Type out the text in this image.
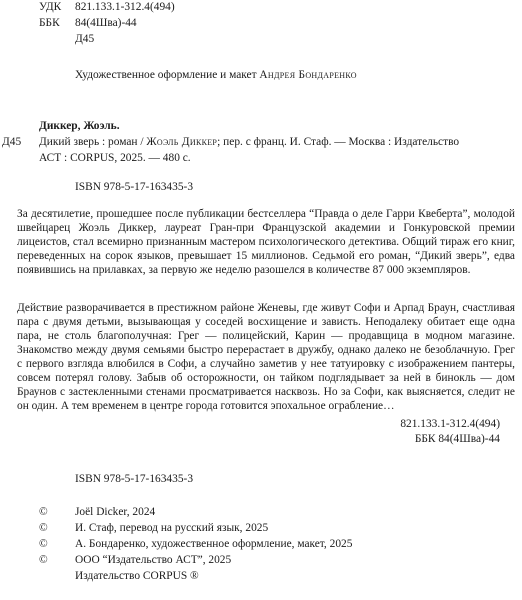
УДК 821.133.1-312.4(494)
ББК 84(4Шва)-44
Д45
Художественное оформление и макет Андрея Бондаренко
Диккер, Жоэль.
Д45 Дикий зверь : роман / Жоэль Диккер; пер. с франц. И. Стаф. — Москва : Издательство
АСТ : CORPUS, 2025. — 480 с.
ISBN 978-5-17-163435-3
За десятилетие, прошедшее после публикации бестселлера “Правда о деле Гарри Квеберта”, молодой швейцарец Жоэль Диккер, лауреат Гран-при Французской академии и Гонкуровской премии лицеистов, стал всемирно признанным мастером психологического детектива. Общий тираж его книг, переведенных на сорок языков, превышает 15 миллионов. Седьмой его роман, “Дикий зверь”, едва появившись на прилавках, за первую же неделю разошелся в количестве 87 000 экземпляров.
Действие разворачивается в престижном районе Женевы, где живут Софи и Арпад Браун, счастливая пара с двумя детьми, вызывающая у соседей восхищение и зависть. Неподалеку обитает еще одна пара, не столь благополучная: Грег — полицейский, Карин — продавщица в модном магазине. Знакомство между двумя семьями быстро перерастает в дружбу, однако далеко не безоблачную. Грег с первого взгляда влюбился в Софи, а случайно заметив у нее татуировку с изображением пантеры, совсем потерял голову. Забыв об осторожности, он тайком подглядывает за ней в бинокль — дом Браунов с застекленными стенами просматривается насквозь. Но за Софи, как выясняется, следит не он один. А тем временем в центре города готовится эпохальное ограбление…
821.133.1-312.4(494)
ББК 84(4Шва)-44
ISBN 978-5-17-163435-3
© Joël Dicker, 2024
© И. Стаф, перевод на русский язык, 2025
© А. Бондаренко, художественное оформление, макет, 2025
© ООО “Издательство АСТ”, 2025
Издательство CORPUS ®
